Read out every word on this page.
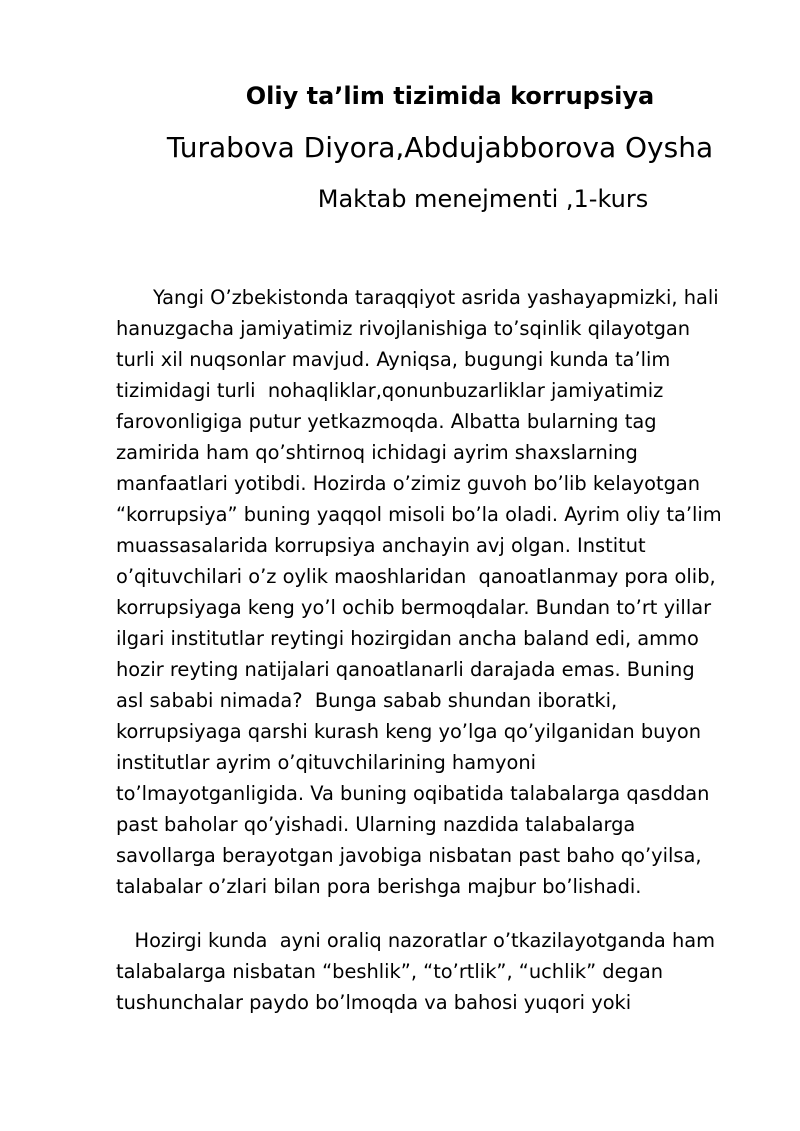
Oliy ta’lim tizimida korrupsiya
Turabova Diyora,Abdujabborova Oysha
Maktab menejmenti ,1-kurs
Yangi O’zbekistonda taraqqiyot asrida yashayapmizki, hali
hanuzgacha jamiyatimiz rivojlanishiga to’sqinlik qilayotgan
turli xil nuqsonlar mavjud. Ayniqsa, bugungi kunda ta’lim
tizimidagi turli  nohaqliklar,qonunbuzarliklar jamiyatimiz
farovonligiga putur yetkazmoqda. Albatta bularning tag
zamirida ham qo’shtirnoq ichidagi ayrim shaxslarning
manfaatlari yotibdi. Hozirda o’zimiz guvoh bo’lib kelayotgan
“korrupsiya” buning yaqqol misoli bo’la oladi. Ayrim oliy ta’lim
muassasalarida korrupsiya anchayin avj olgan. Institut
o’qituvchilari o’z oylik maoshlaridan  qanoatlanmay pora olib,
korrupsiyaga keng yo’l ochib bermoqdalar. Bundan to’rt yillar
ilgari institutlar reytingi hozirgidan ancha baland edi, ammo
hozir reyting natijalari qanoatlanarli darajada emas. Buning
asl sababi nimada?  Bunga sabab shundan iboratki,
korrupsiyaga qarshi kurash keng yo’lga qo’yilganidan buyon
institutlar ayrim o’qituvchilarining hamyoni
to’lmayotganligida. Va buning oqibatida talabalarga qasddan
past baholar qo’yishadi. Ularning nazdida talabalarga
savollarga berayotgan javobiga nisbatan past baho qo’yilsa,
talabalar o’zlari bilan pora berishga majbur bo’lishadi.
Hozirgi kunda  ayni oraliq nazoratlar o’tkazilayotganda ham
talabalarga nisbatan “beshlik”, “to’rtlik”, “uchlik” degan
tushunchalar paydo bo’lmoqda va bahosi yuqori yoki
